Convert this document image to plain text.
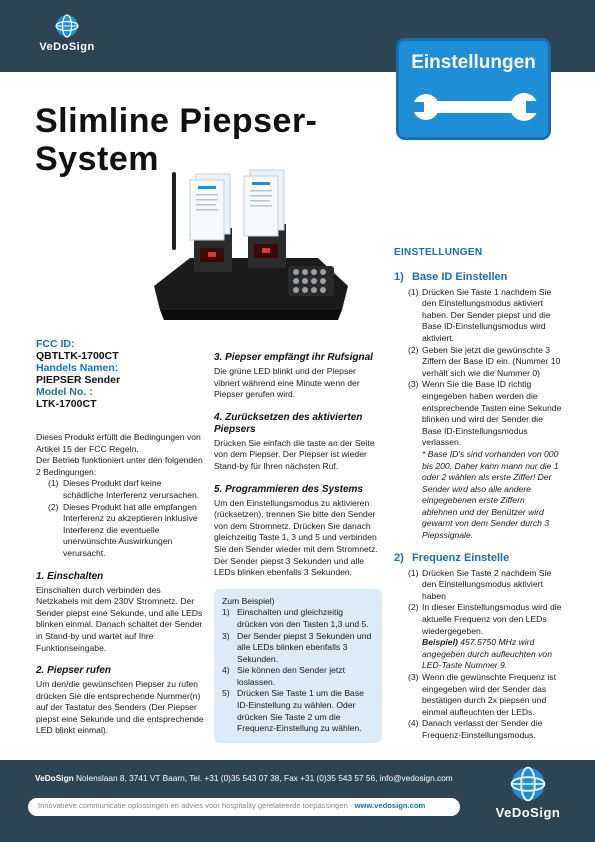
VeDoSign
Einstellungen
Slimline Piepser-
System
FCC ID:
QBTLTK-1700CT
Handels Namen:
PIEPSER Sender
Model No. :
LTK-1700CT

Dieses Produkt erfüllt die Bedingungen von Artikel 15 der FCC Regeln.

Der Betrieb funktioniert unter den folgenden 2 Bedingungen:

(1) Dieses Produkt darf keine schädliche Interferenz verursachen.
(2) Dieses Produkt hat alle empfangen Interferenz zu akzeptieren inklusive Interferenz die eventuelle unerwünschte Auswirkungen verursacht.
1. Einschalten

Einschalten durch verbinden des Netzkabels mit dem 230V Stromnetz. Der Sender piepst eine Sekunde, und alle LEDs blinken einmal. Danach schaltet der Sender in Stand-by und wartet auf Ihre Funktionseingabe.

2. Piepser rufen

Um den/die gewünschten Piepser zu rufen drücken Sie die entsprechende Nummer(n) auf der Tastatur des Senders (Der Piepser piepst eine Sekunde und die entsprechende LED blinkt einmal).

3. Piepser empfängt ihr Rufsignal

Die grüne LED blinkt und der Piepser vibriert während eine Minute wenn der Piepser gerufen wird.

4. Zurücksetzen des aktivierten Piepsers

Drücken Sie einfach die taste an der Seite von dem Piepser. Der Piepser ist wieder Stand-by für Ihren nächsten Ruf.

5. Programmieren des Systems

Um den Einstellungsmodus zu aktivieren (rücksetzen), trennen Sie bitte den Sender von dem Stromnetz. Drücken Sie danach gleichzeitig Taste 1, 3 und 5 und verbinden Sie den Sender wieder mit dem Stromnetz. Der Sender piepst 3 Sekunden und alle LEDs blinken ebenfalls 3 Sekunden.

Zum Beispiel)

1) Einschalten und gleichzeitig drücken von den Tasten 1,3 und 5.
3) Der Sender piepst 3 Sekunden und alle LEDs blinken ebenfalls 3 Sekunden.
4) Sie können den Sender jetzt loslassen.
5) Drücken Sie Taste 1 um die Base ID-Einstellung zu wählen. Oder drücken Sie Taste 2 um die Frequenz-Einstellung zu wählen.
EINSTELLUNGEN
1) Base ID Einstellen
(1) Drücken Sie Taste 1 nachdem Sie den Einstellungsmodus aktiviert haben. Der Sender piepst und die Base ID-Einstellungsmodus wird aktiviert.
(2) Geben Sie jetzt die gewünschte 3 Ziffern der Base ID ein. (Nummer 10 verhält sich wie die Nummer 0)
(3) Wenn Sie die Base ID richtig eingegeben haben werden die entsprechende Tasten eine Sekunde blinken und wird der Sender die Base ID-Einstellungsmodus verlassen.
* Base ID's sind vorhanden von 000 bis 200. Daher kann mann nur die 1 oder 2 wählen als erste Ziffer! Der Sender wird also alle andere eingegebenen erste Ziffern ablehnen und der Benützer wird gewarnt von dem Sender durch 3 Piepssignale.
2) Frequenz Einstelle
(1) Drücken Sie Taste 2 nachdem Sie den Einstellungsmodus aktiviert haben
(2) In dieser Einstellungsmodus wird die aktuelle Frequenz von den LEDs wiedergegeben.
Beispiel) 457.5750 MHz wird angegeben durch aufleuchten von LED-Taste Nummer 9.
(3) Wenn die gewünschte Frequenz ist eingegeben wird der Sender das bestätigen durch 2x piepsen und einmal aufleuchten der LEDs.
(4) Danach verlasst der Sender die Frequenz-Einstellungsmodus.
VeDoSign Nolenslaan 8, 3741 VT Baarn, Tel. +31 (0)35 543 07 38, Fax +31 (0)35 543 57 56, info@vedosign.com
Innovatieve communicatie oplossingen en advies voor hospitality gerelateerde toepassingen - www.vedosign.com	VeDoSign
